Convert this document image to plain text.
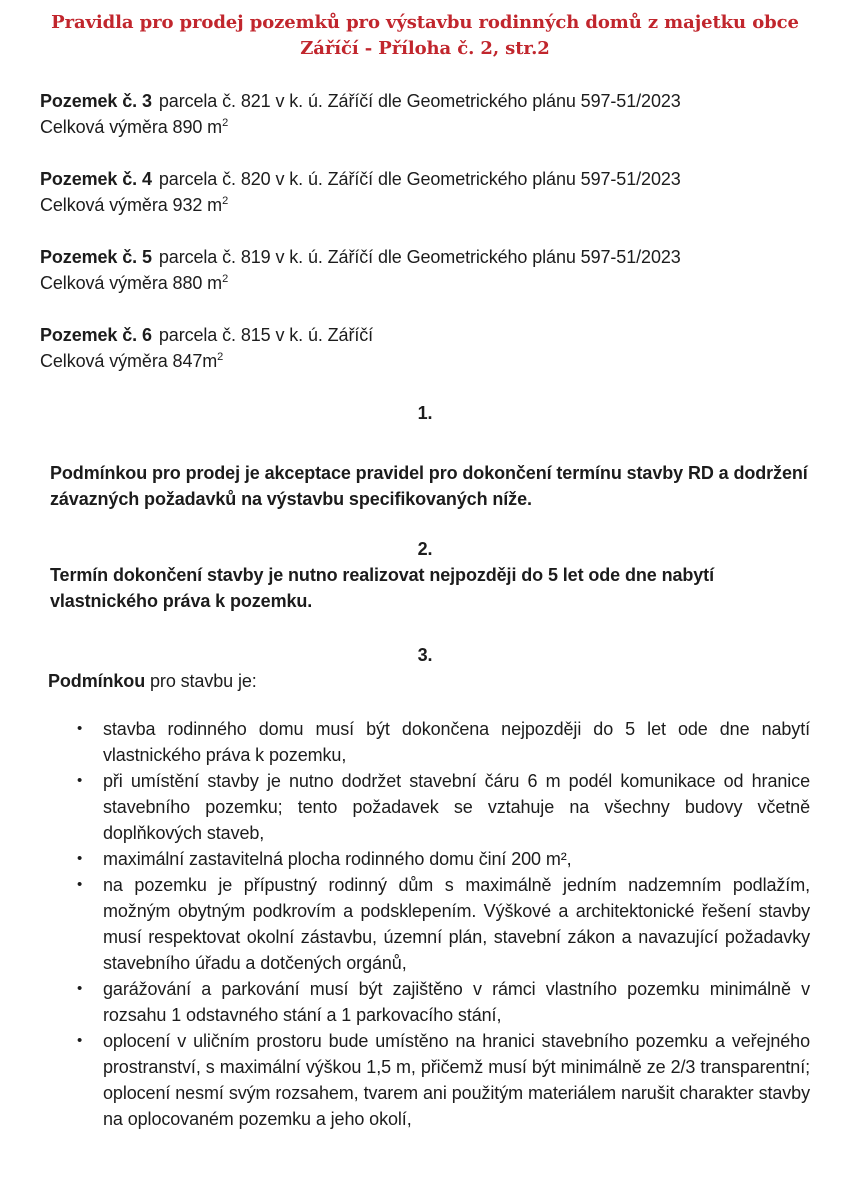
Pravidla pro prodej pozemků pro výstavbu rodinných domů z majetku obce
Záříčí - Příloha č. 2, str.2

Pozemek č. 3 parcela č. 821 v k. ú. Záříčí dle Geometrického plánu 597-51/2023

Celková výměra 890 $m^2$

Pozemek č. 4 parcela č. 820 v k. ú. Záříčí dle Geometrického plánu 597-51/2023

Celková výměra 932 $m^2$

Pozemek č. 5 parcela č. 819 v k. ú. Záříčí dle Geometrického plánu 597-51/2023

Celková výměra 880 $m^2$

Pozemek č. 6 parcela č. 815 v k. ú. Záříčí

Celková výměra $847m^2$

1.

Podmínkou pro prodej je akceptace pravidel pro dokončení termínu stavby RD a dodržení závazných požadavků na výstavbu specifikovaných níže.

2.

Termín dokončení stavby je nutno realizovat nejpozději do 5 let ode dne nabytí vlastnického práva k pozemku.

3.

Podmínkou pro stavbu je:

• stavba rodinného domu musí být dokončena nejpozději do 5 let ode dne nabytí vlastnického práva k pozemku,
• při umístění stavby je nutno dodržet stavební čáru 6 m podél komunikace od hranice stavebního pozemku; tento požadavek se vztahuje na všechny budovy včetně doplňkových staveb,
• maximální zastavitelná plocha rodinného domu činí 200 m²,
• na pozemku je přípustný rodinný dům s maximálně jedním nadzemním podlažím, možným obytným podkrovím a podsklepením. Výškové a architektonické řešení stavby musí respektovat okolní zástavbu, územní plán, stavební zákon a navazující požadavky stavebního úřadu a dotčených orgánů,
• garážování a parkování musí být zajištěno v rámci vlastního pozemku minimálně v rozsahu 1 odstavného stání a 1 parkovacího stání,
• oplocení v uličním prostoru bude umístěno na hranici stavebního pozemku a veřejného prostranství, s maximální výškou 1,5 m, přičemž musí být minimálně ze 2/3 transparentní; oplocení nesmí svým rozsahem, tvarem ani použitým materiálem narušit charakter stavby na oplocovaném pozemku a jeho okolí,
